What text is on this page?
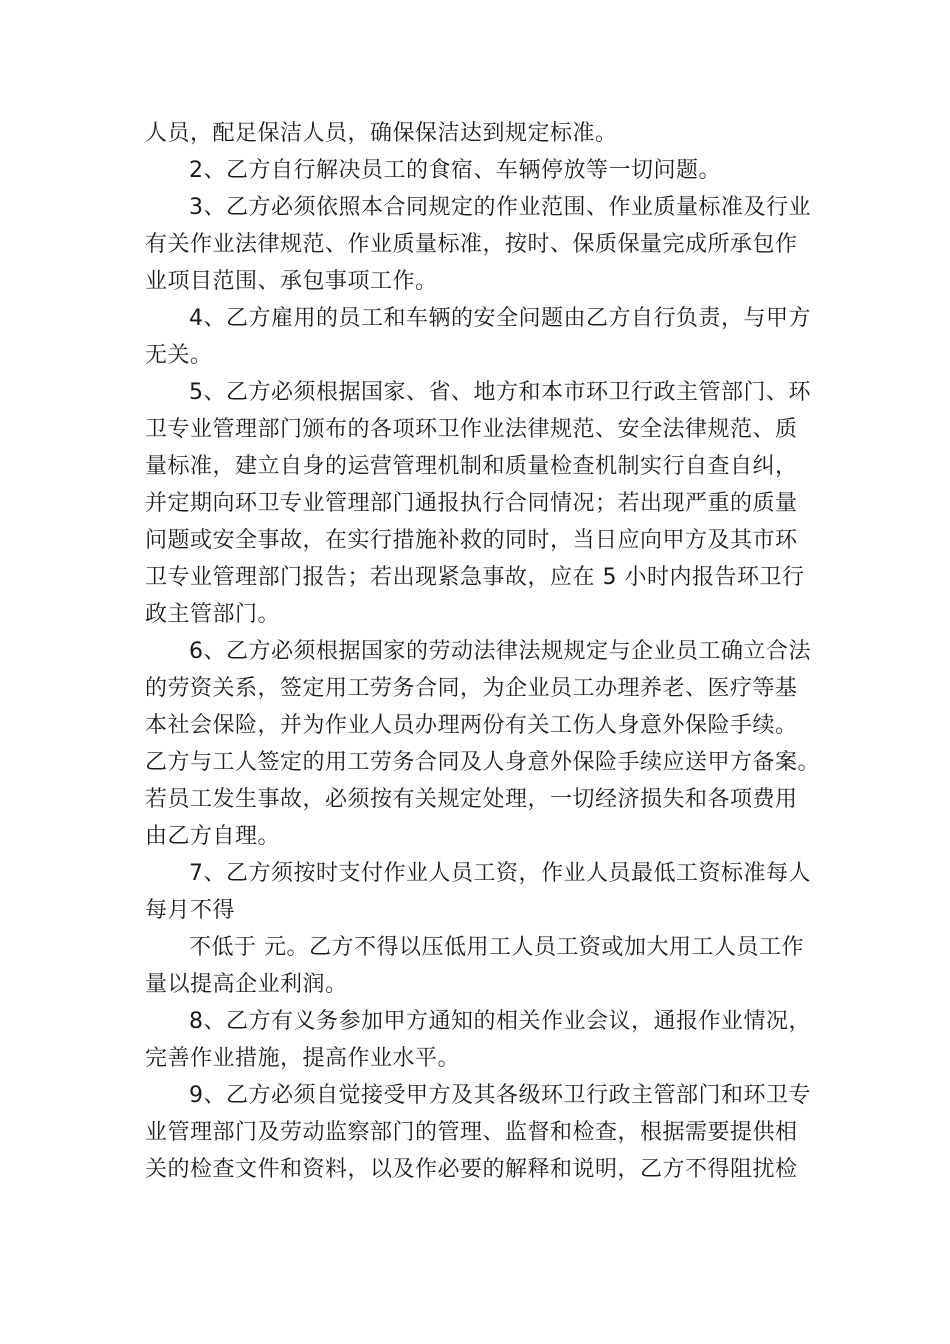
人员，配足保洁人员，确保保洁达到规定标准。

2、乙方自行解决员工的食宿、车辆停放等一切问题。

3、乙方必须依照本合同规定的作业范围、作业质量标准及行业
有关作业法律规范、作业质量标准，按时、保质保量完成所承包作
业项目范围、承包事项工作。

4、乙方雇用的员工和车辆的安全问题由乙方自行负责，与甲方
无关。

5、乙方必须根据国家、省、地方和本市环卫行政主管部门、环
卫专业管理部门颁布的各项环卫作业法律规范、安全法律规范、质
量标准，建立自身的运营管理机制和质量检查机制实行自查自纠，
并定期向环卫专业管理部门通报执行合同情况；若出现严重的质量
问题或安全事故，在实行措施补救的同时，当日应向甲方及其市环
卫专业管理部门报告；若出现紧急事故，应在 5 小时内报告环卫行
政主管部门。

6、乙方必须根据国家的劳动法律法规规定与企业员工确立合法
的劳资关系，签定用工劳务合同，为企业员工办理养老、医疗等基
本社会保险，并为作业人员办理两份有关工伤人身意外保险手续。
乙方与工人签定的用工劳务合同及人身意外保险手续应送甲方备案。
若员工发生事故，必须按有关规定处理，一切经济损失和各项费用
由乙方自理。

7、乙方须按时支付作业人员工资，作业人员最低工资标准每人
每月不得

不低于 元。乙方不得以压低用工人员工资或加大用工人员工作
量以提高企业利润。

8、乙方有义务参加甲方通知的相关作业会议，通报作业情况，
完善作业措施，提高作业水平。

9、乙方必须自觉接受甲方及其各级环卫行政主管部门和环卫专
业管理部门及劳动监察部门的管理、监督和检查，根据需要提供相
关的检查文件和资料，以及作必要的解释和说明，乙方不得阻扰检
